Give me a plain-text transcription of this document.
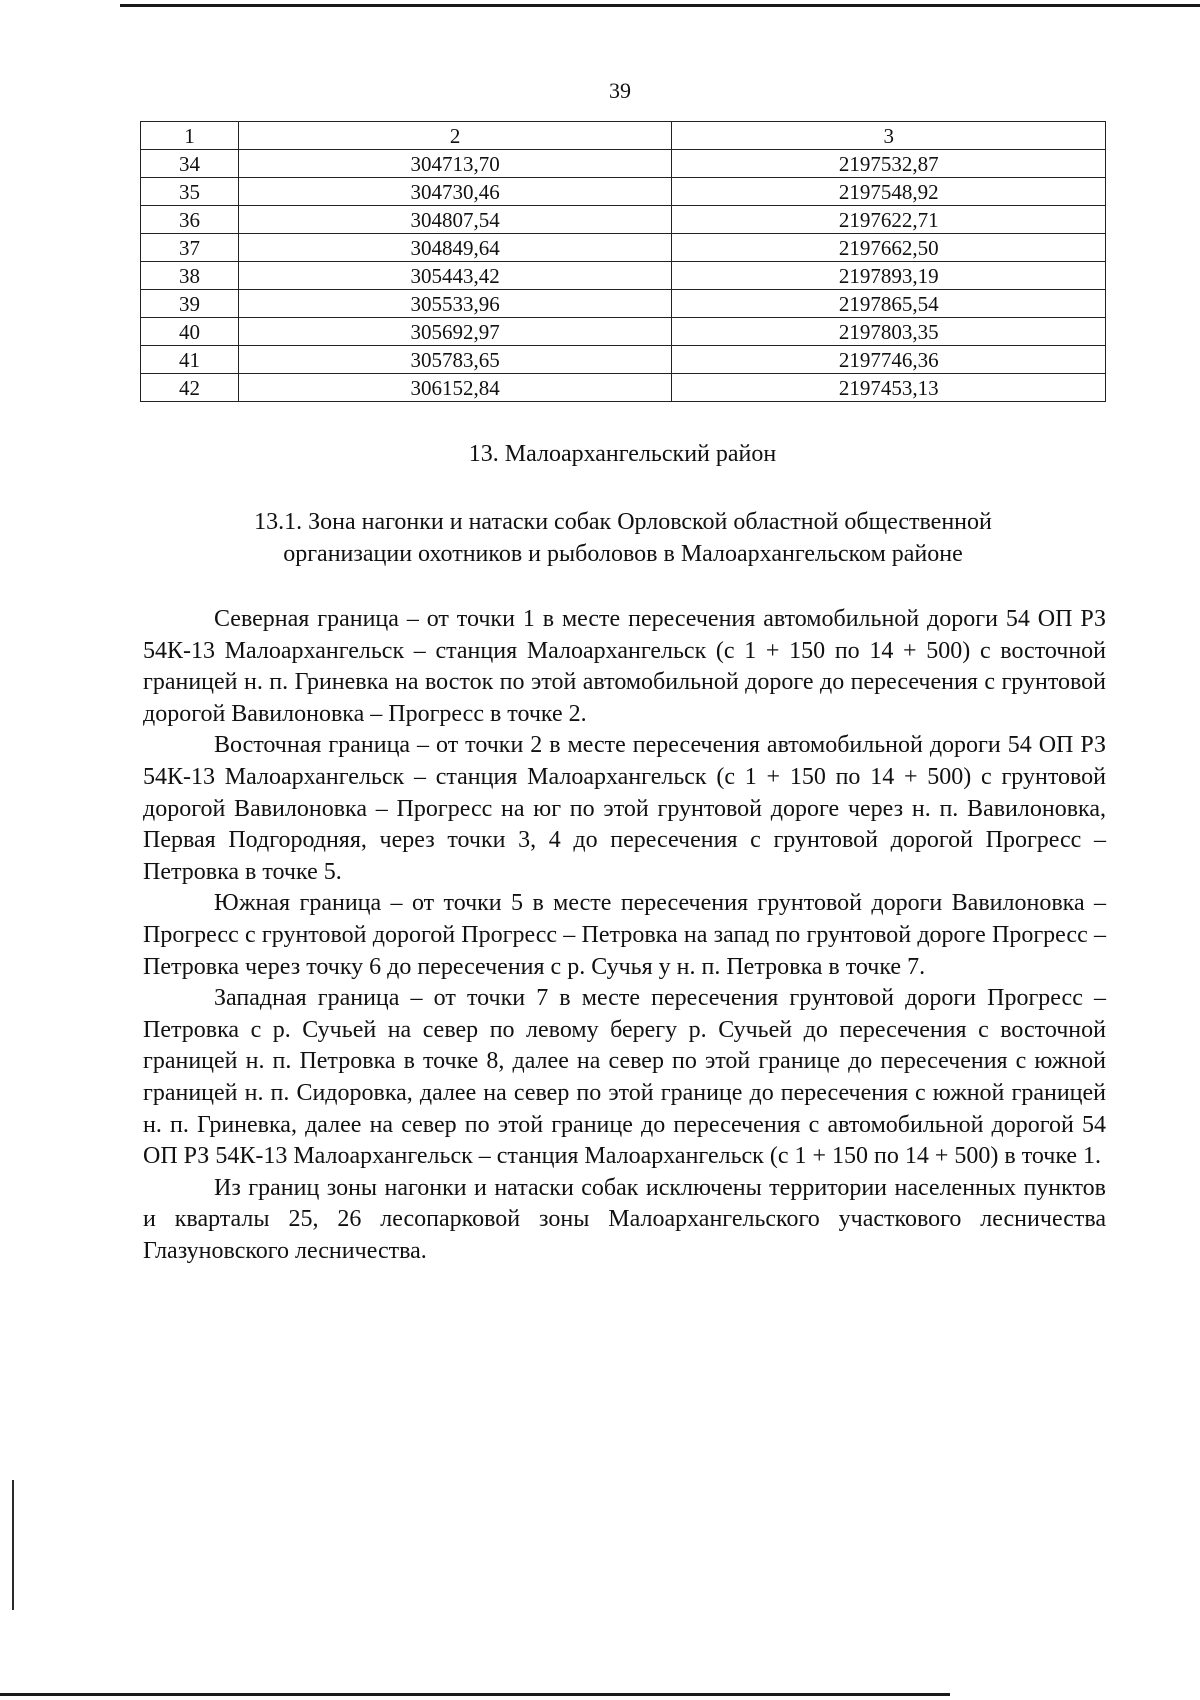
39
1	2	3
34	304713,70	2197532,87
35	304730,46	2197548,92
36	304807,54	2197622,71
37	304849,64	2197662,50
38	305443,42	2197893,19
39	305533,96	2197865,54
40	305692,97	2197803,35
41	305783,65	2197746,36
42	306152,84	2197453,13
13. Малоархангельский район
13.1. Зона нагонки и натаски собак Орловской областной общественной
организации охотников и рыболовов в Малоархангельском районе

Северная граница – от точки 1 в месте пересечения автомобильной дороги 54 ОП РЗ 54К-13 Малоархангельск – станция Малоархангельск (с 1 + 150 по 14 + 500) с восточной границей н. п. Гриневка на восток по этой автомобильной дороге до пересечения с грунтовой дорогой Вавилоновка – Прогресс в точке 2.

Восточная граница – от точки 2 в месте пересечения автомобильной дороги 54 ОП РЗ 54К-13 Малоархангельск – станция Малоархангельск (с 1 + 150 по 14 + 500) с грунтовой дорогой Вавилоновка – Прогресс на юг по этой грунтовой дороге через н. п. Вавилоновка, Первая Подгородняя, через точки 3, 4 до пересечения с грунтовой дорогой Прогресс – Петровка в точке 5.

Южная граница – от точки 5 в месте пересечения грунтовой дороги Вавилоновка – Прогресс с грунтовой дорогой Прогресс – Петровка на запад по грунтовой дороге Прогресс – Петровка через точку 6 до пересечения с р. Сучья у н. п. Петровка в точке 7.

Западная граница – от точки 7 в месте пересечения грунтовой дороги Прогресс – Петровка с р. Сучьей на север по левому берегу р. Сучьей до пересечения с восточной границей н. п. Петровка в точке 8, далее на север по этой границе до пересечения с южной границей н. п. Сидоровка, далее на север по этой границе до пересечения с южной границей н. п. Гриневка, далее на север по этой границе до пересечения с автомобильной дорогой 54 ОП РЗ 54К-13 Малоархангельск – станция Малоархангельск (с 1 + 150 по 14 + 500) в точке 1.

Из границ зоны нагонки и натаски собак исключены территории населенных пунктов и кварталы 25, 26 лесопарковой зоны Малоархангельского участкового лесничества Глазуновского лесничества.
